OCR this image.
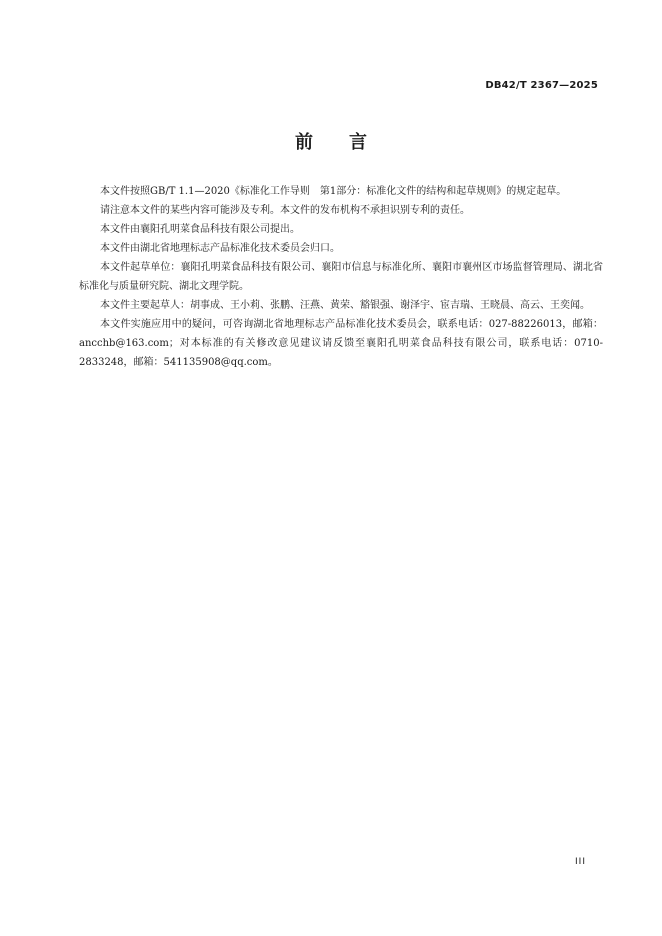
DB42/T 2367—2025
前言

本文件按照GB/T 1.1—2020《标准化工作导则　第1部分：标准化文件的结构和起草规则》的规定起草。

请注意本文件的某些内容可能涉及专利。本文件的发布机构不承担识别专利的责任。

本文件由襄阳孔明菜食品科技有限公司提出。

本文件由湖北省地理标志产品标准化技术委员会归口。

本文件起草单位：襄阳孔明菜食品科技有限公司、襄阳市信息与标准化所、襄阳市襄州区市场监督管理局、湖北省标准化与质量研究院、湖北文理学院。

本文件主要起草人：胡事成、王小莉、张鹏、汪燕、黄荣、豁银强、谢泽宇、宦吉瑞、王晓晨、高云、王奕闻。

本文件实施应用中的疑问，可咨询湖北省地理标志产品标准化技术委员会，联系电话：027-88226013，邮箱：ancchb@163.com；对本标准的有关修改意见建议请反馈至襄阳孔明菜食品科技有限公司，联系电话：0710-2833248，邮箱：541135908@qq.com。

III
